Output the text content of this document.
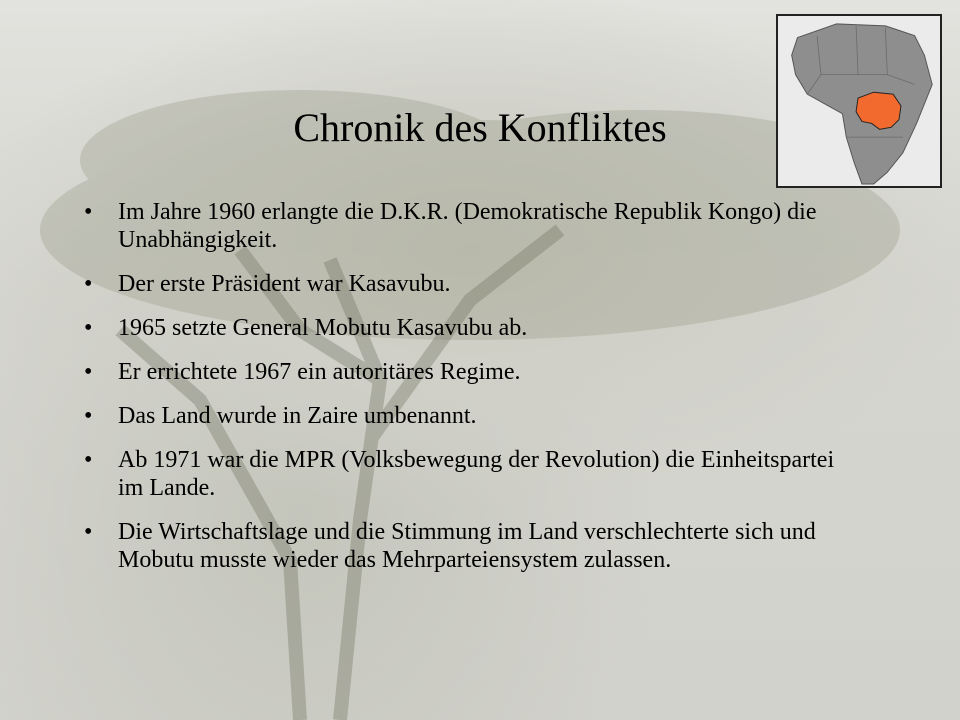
Chronik des Konfliktes
• Im Jahre 1960 erlangte die D.K.R. (Demokratische Republik Kongo) die Unabhängigkeit.
• Der erste Präsident war Kasavubu.
• 1965 setzte General Mobutu Kasavubu ab.
• Er errichtete 1967 ein autoritäres Regime.
• Das Land wurde in Zaire umbenannt.
• Ab 1971 war die MPR (Volksbewegung der Revolution) die Einheitspartei im Lande.
• Die Wirtschaftslage und die Stimmung im Land verschlechterte sich und Mobutu musste wieder das Mehrparteiensystem zulassen.
